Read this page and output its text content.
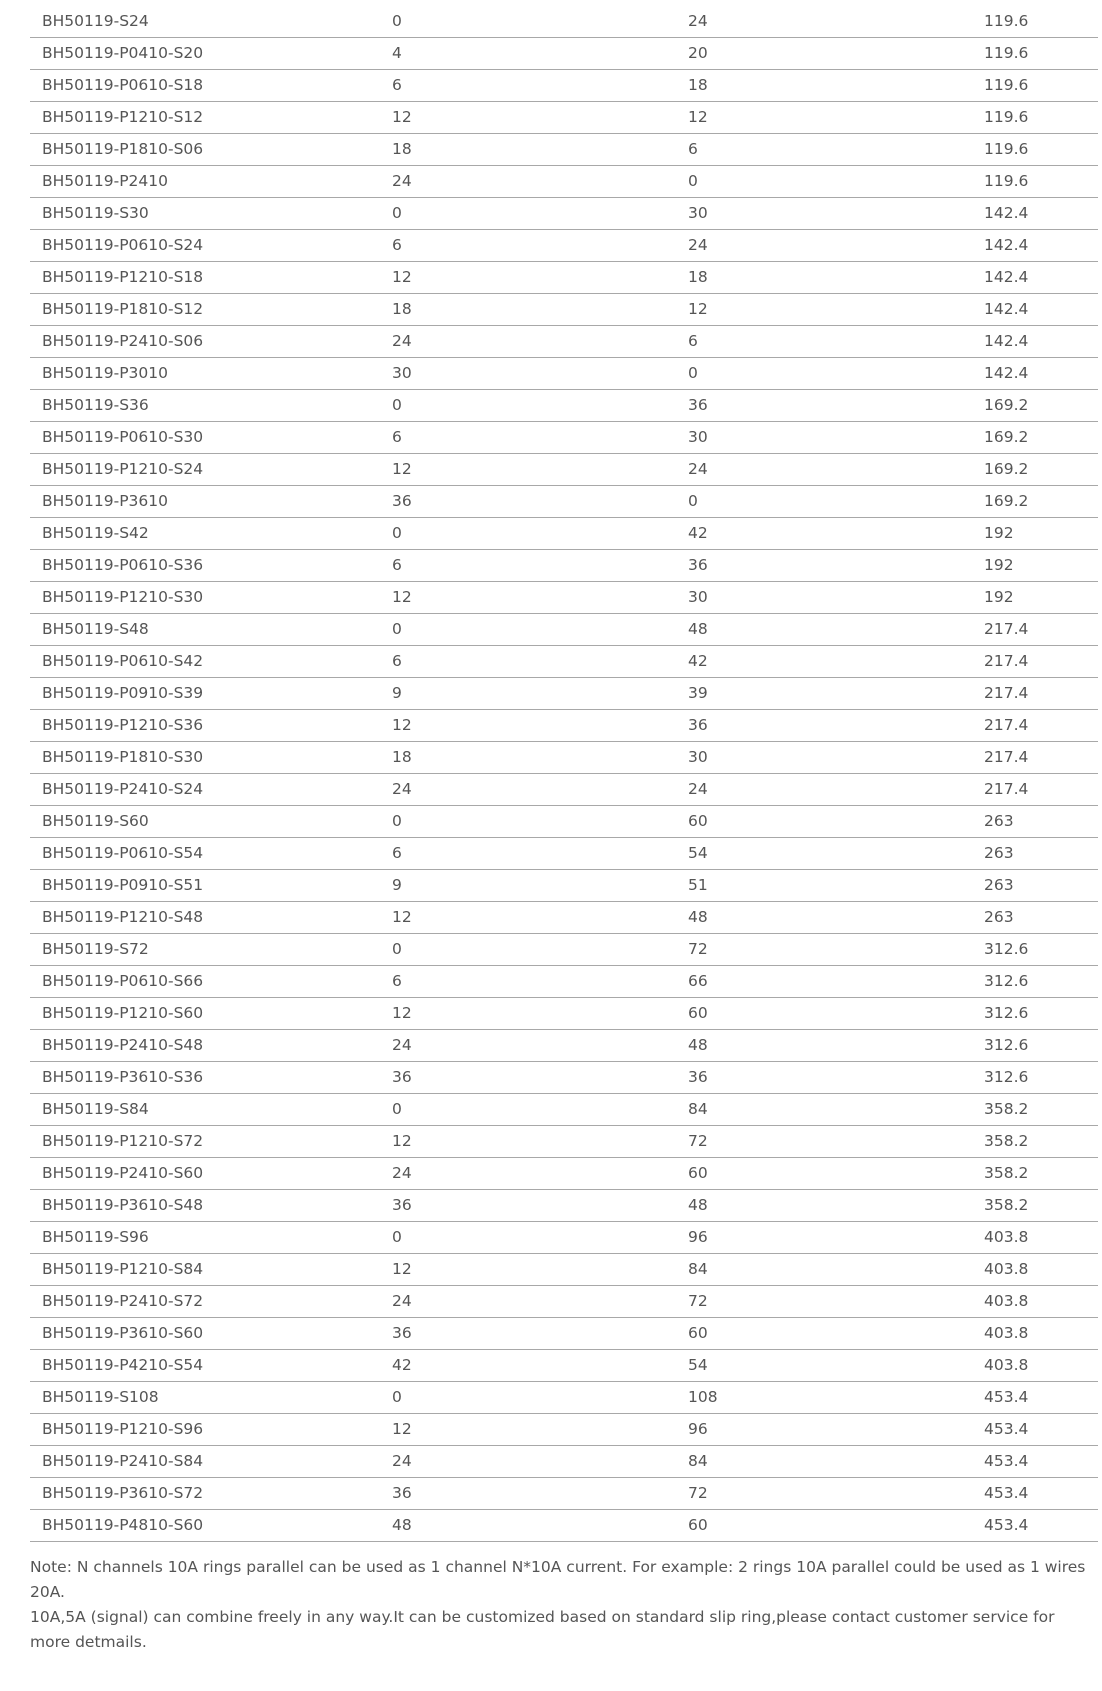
BH50119-S24	0	24	119.6
BH50119-P0410-S20	4	20	119.6
BH50119-P0610-S18	6	18	119.6
BH50119-P1210-S12	12	12	119.6
BH50119-P1810-S06	18	6	119.6
BH50119-P2410	24	0	119.6
BH50119-S30	0	30	142.4
BH50119-P0610-S24	6	24	142.4
BH50119-P1210-S18	12	18	142.4
BH50119-P1810-S12	18	12	142.4
BH50119-P2410-S06	24	6	142.4
BH50119-P3010	30	0	142.4
BH50119-S36	0	36	169.2
BH50119-P0610-S30	6	30	169.2
BH50119-P1210-S24	12	24	169.2
BH50119-P3610	36	0	169.2
BH50119-S42	0	42	192
BH50119-P0610-S36	6	36	192
BH50119-P1210-S30	12	30	192
BH50119-S48	0	48	217.4
BH50119-P0610-S42	6	42	217.4
BH50119-P0910-S39	9	39	217.4
BH50119-P1210-S36	12	36	217.4
BH50119-P1810-S30	18	30	217.4
BH50119-P2410-S24	24	24	217.4
BH50119-S60	0	60	263
BH50119-P0610-S54	6	54	263
BH50119-P0910-S51	9	51	263
BH50119-P1210-S48	12	48	263
BH50119-S72	0	72	312.6
BH50119-P0610-S66	6	66	312.6
BH50119-P1210-S60	12	60	312.6
BH50119-P2410-S48	24	48	312.6
BH50119-P3610-S36	36	36	312.6
BH50119-S84	0	84	358.2
BH50119-P1210-S72	12	72	358.2
BH50119-P2410-S60	24	60	358.2
BH50119-P3610-S48	36	48	358.2
BH50119-S96	0	96	403.8
BH50119-P1210-S84	12	84	403.8
BH50119-P2410-S72	24	72	403.8
BH50119-P3610-S60	36	60	403.8
BH50119-P4210-S54	42	54	403.8
BH50119-S108	0	108	453.4
BH50119-P1210-S96	12	96	453.4
BH50119-P2410-S84	24	84	453.4
BH50119-P3610-S72	36	72	453.4
BH50119-P4810-S60	48	60	453.4
Note: N channels 10A rings parallel can be used as 1 channel N*10A current. For example: 2 rings 10A parallel could be used as 1 wires 20A.
10A,5A (signal) can combine freely in any way.It can be customized based on standard slip ring,please contact customer service for
more detmails.
